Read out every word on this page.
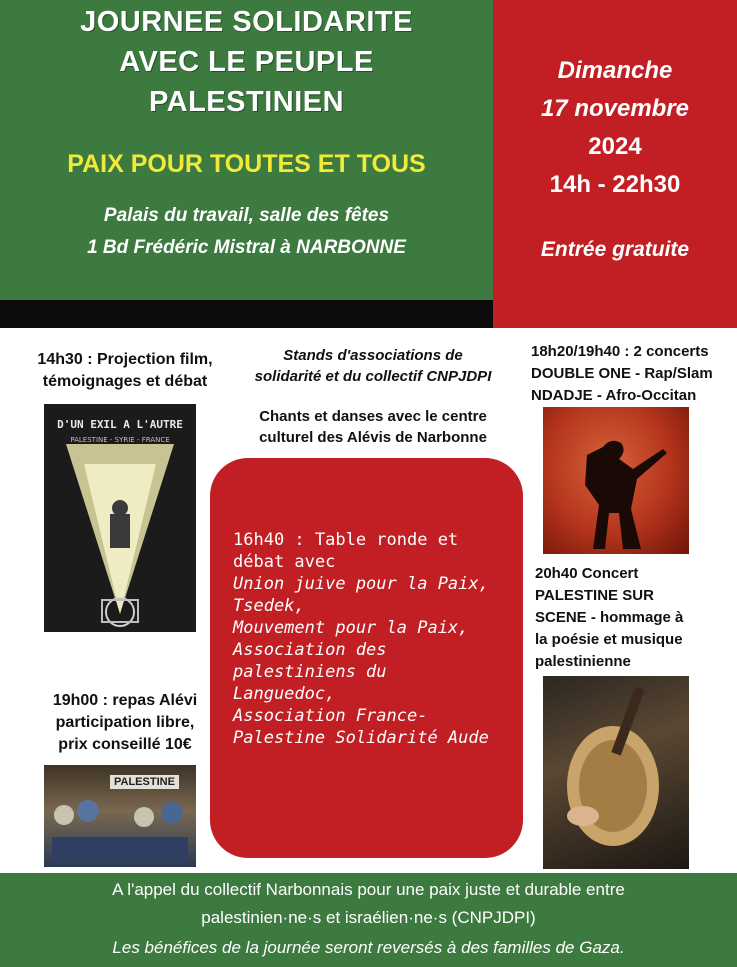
JOURNEE SOLIDARITE
AVEC LE PEUPLE
PALESTINIEN
PAIX POUR TOUTES ET TOUS
Palais du travail, salle des fêtes
1 Bd Frédéric Mistral à NARBONNE
Dimanche
17 novembre
2024
14h - 22h30
Entrée gratuite
14h30 : Projection film,
témoignages et débat
D'UN EXIL A L'AUTRE
PALESTINE - SYRIE - FRANCE
19h00 : repas Alévi
participation libre,
prix conseillé 10€
PALESTINE
Stands d'associations de
solidarité et du collectif CNPJDPI
Chants et danses avec le centre
culturel des Alévis de Narbonne
16h40 : Table ronde et
débat avec
Union juive pour la Paix,
Tsedek,
Mouvement pour la Paix,
Association des
palestiniens du
Languedoc,
Association France-
Palestine Solidarité Aude
18h20/19h40 : 2 concerts
DOUBLE ONE - Rap/Slam
NDADJE - Afro-Occitan
20h40 Concert
PALESTINE SUR
SCENE - hommage à
la poésie et musique
palestinienne
A l'appel du collectif Narbonnais pour une paix juste et durable entre
palestinien·ne·s et israélien·ne·s (CNPJDPI)
Les bénéfices de la journée seront reversés à des familles de Gaza.
